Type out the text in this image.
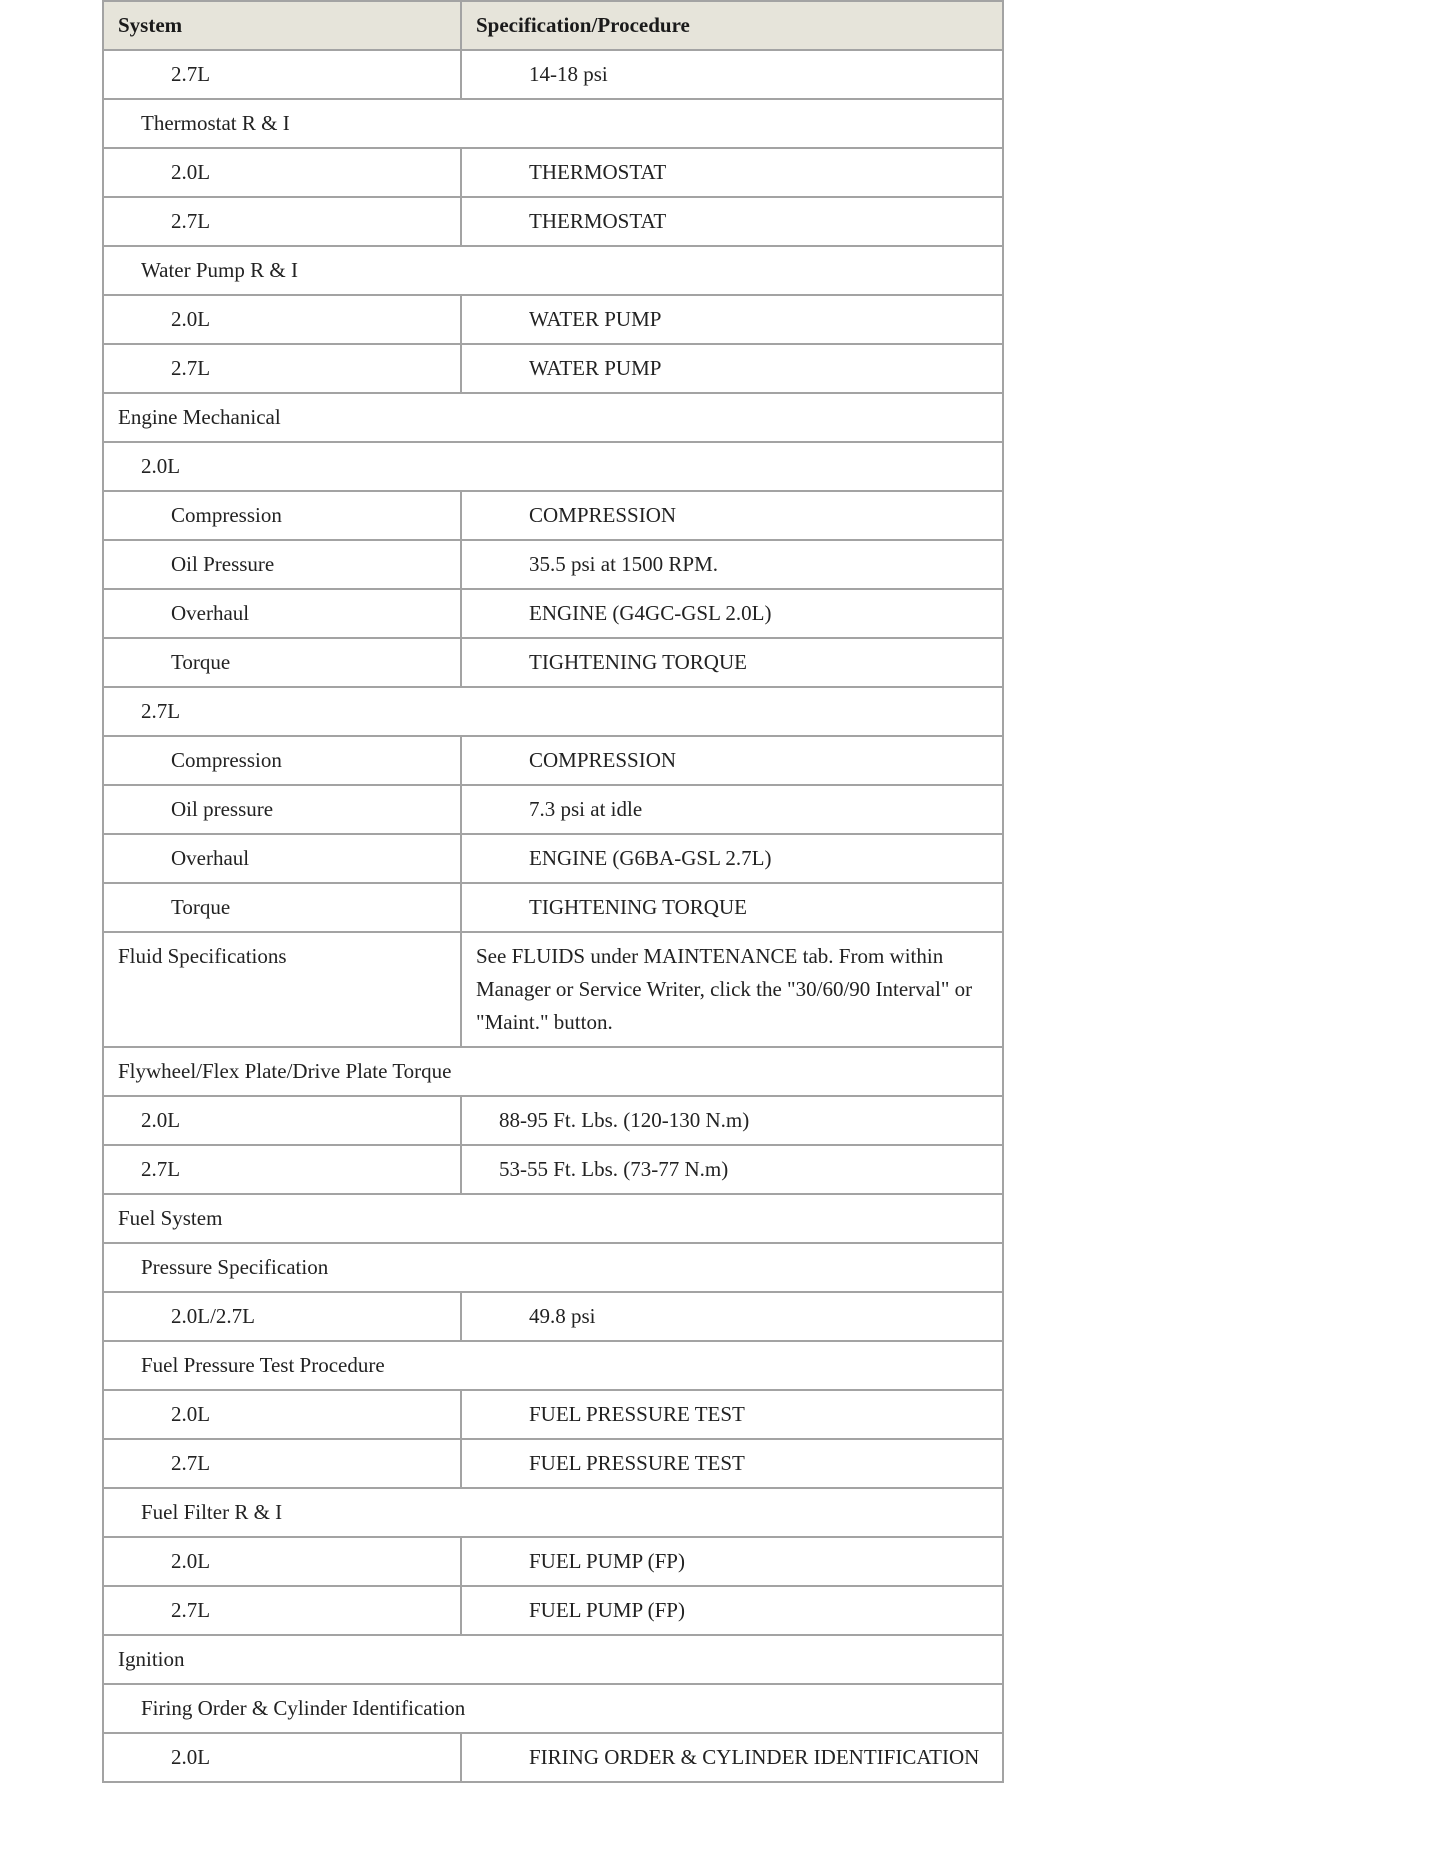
System	Specification/Procedure
2.7L	14-18 psi
Thermostat R & I	
2.0L	THERMOSTAT
2.7L	THERMOSTAT
Water Pump R & I	
2.0L	WATER PUMP
2.7L	WATER PUMP
Engine Mechanical	
2.0L	
Compression	COMPRESSION
Oil Pressure	35.5 psi at 1500 RPM.
Overhaul	ENGINE (G4GC-GSL 2.0L)
Torque	TIGHTENING TORQUE
2.7L	
Compression	COMPRESSION
Oil pressure	7.3 psi at idle
Overhaul	ENGINE (G6BA-GSL 2.7L)
Torque	TIGHTENING TORQUE
Fluid Specifications	See FLUIDS under MAINTENANCE tab. From within Manager or Service Writer, click the "30/60/90 Interval" or "Maint." button.
Flywheel/Flex Plate/Drive Plate Torque	
2.0L	88-95 Ft. Lbs. (120-130 N.m)
2.7L	53-55 Ft. Lbs. (73-77 N.m)
Fuel System	
Pressure Specification	
2.0L/2.7L	49.8 psi
Fuel Pressure Test Procedure	
2.0L	FUEL PRESSURE TEST
2.7L	FUEL PRESSURE TEST
Fuel Filter R & I	
2.0L	FUEL PUMP (FP)
2.7L	FUEL PUMP (FP)
Ignition	
Firing Order & Cylinder Identification	
2.0L	FIRING ORDER & CYLINDER IDENTIFICATION
